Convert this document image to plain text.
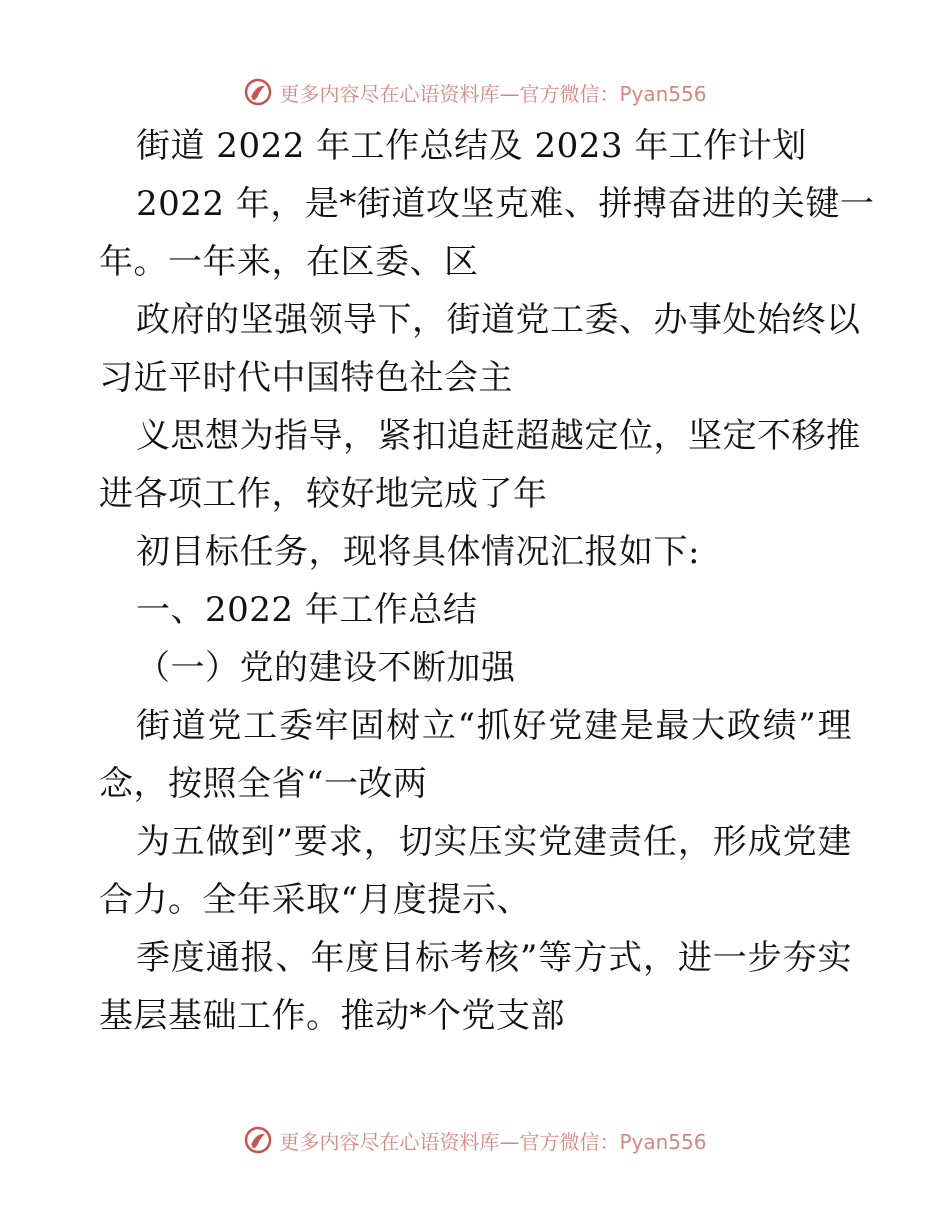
更多内容尽在心语资料库—官方微信：Pyan556
街道 2022 年工作总结及 2023 年工作计划
2022 年，是*街道攻坚克难、拼搏奋进的关键一
年。一年来，在区委、区
政府的坚强领导下，街道党工委、办事处始终以
习近平时代中国特色社会主
义思想为指导，紧扣追赶超越定位，坚定不移推
进各项工作，较好地完成了年
初目标任务，现将具体情况汇报如下:
一、2022 年工作总结
（一）党的建设不断加强
街道党工委牢固树立“抓好党建是最大政绩”理
念，按照全省“一改两
为五做到”要求，切实压实党建责任，形成党建
合力。全年采取“月度提示、
季度通报、年度目标考核”等方式，进一步夯实
基层基础工作。推动*个党支部
更多内容尽在心语资料库—官方微信：Pyan556
